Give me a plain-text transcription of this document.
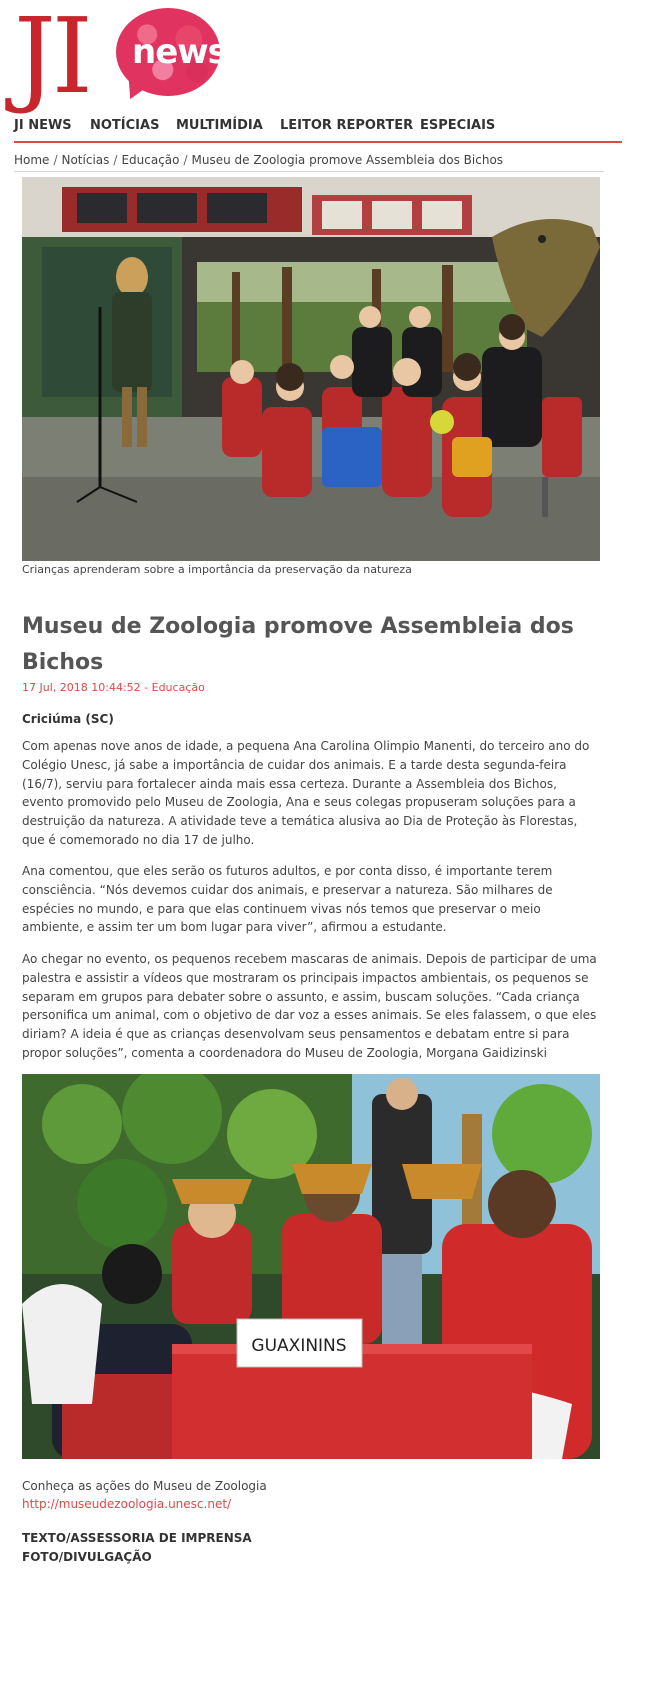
JI news
JI NEWS NOTÍCIAS MULTIMÍDIA LEITOR REPORTER ESPECIAIS
Home / Notícias / Educação / Museu de Zoologia promove Assembleia dos Bichos
Crianças aprenderam sobre a importância da preservação da natureza
Museu de Zoologia promove Assembleia dos Bichos
17 Jul, 2018 10:44:52 - Educação
Criciúma (SC)

Com apenas nove anos de idade, a pequena Ana Carolina Olimpio Manenti, do terceiro ano do Colégio Unesc, já sabe a importância de cuidar dos animais. E a tarde desta segunda-feira (16/7), serviu para fortalecer ainda mais essa certeza. Durante a Assembleia dos Bichos, evento promovido pelo Museu de Zoologia, Ana e seus colegas propuseram soluções para a destruição da natureza. A atividade teve a temática alusiva ao Dia de Proteção às Florestas, que é comemorado no dia 17 de julho.

Ana comentou, que eles serão os futuros adultos, e por conta disso, é importante terem consciência. “Nós devemos cuidar dos animais, e preservar a natureza. São milhares de espécies no mundo, e para que elas continuem vivas nós temos que preservar o meio ambiente, e assim ter um bom lugar para viver”, afirmou a estudante.

Ao chegar no evento, os pequenos recebem mascaras de animais. Depois de participar de uma palestra e assistir a vídeos que mostraram os principais impactos ambientais, os pequenos se separam em grupos para debater sobre o assunto, e assim, buscam soluções. “Cada criança personifica um animal, com o objetivo de dar voz a esses animais. Se eles falassem, o que eles diriam? A ideia é que as crianças desenvolvam seus pensamentos e debatam entre si para propor soluções”, comenta a coordenadora do Museu de Zoologia, Morgana Gaidizinski

GUAXININS
Conheça as ações do Museu de Zoologia
http://museudezoologia.unesc.net/
TEXTO/ASSESSORIA DE IMPRENSA
FOTO/DIVULGAÇÃO
